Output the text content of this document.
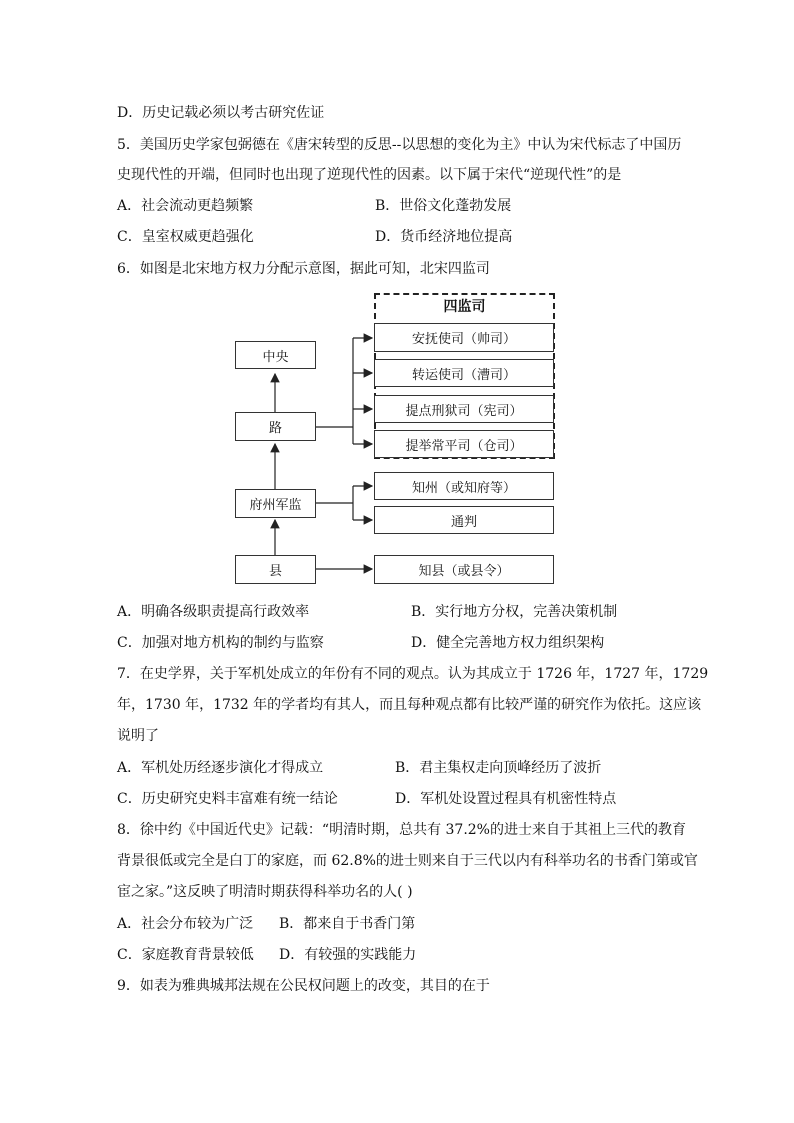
D．历史记载必须以考古研究佐证
5．美国历史学家包弼德在《唐宋转型的反思--以思想的变化为主》中认为宋代标志了中国历
史现代性的开端，但同时也出现了逆现代性的因素。以下属于宋代“逆现代性”的是
A．社会流动更趋频繁	B．世俗文化蓬勃发展
C．皇室权威更趋强化	D．货币经济地位提高
6．如图是北宋地方权力分配示意图，据此可知，北宋四监司
中央
路
府州军监
县
四监司
安抚使司（帅司）
转运使司（漕司）
提点刑狱司（宪司）
提举常平司（仓司）
知州（或知府等）
通判
知县（或县令）
A．明确各级职责提高行政效率	B．实行地方分权，完善决策机制
C．加强对地方机构的制约与监察	D．健全完善地方权力组织架构
7．在史学界，关于军机处成立的年份有不同的观点。认为其成立于 1726 年，1727 年，1729
年，1730 年，1732 年的学者均有其人，而且每种观点都有比较严谨的研究作为依托。这应该
说明了
A．军机处历经逐步演化才得成立	B．君主集权走向顶峰经历了波折
C．历史研究史料丰富难有统一结论	D．军机处设置过程具有机密性特点
8．徐中约《中国近代史》记载：“明清时期，总共有 37.2%的进士来自于其祖上三代的教育
背景很低或完全是白丁的家庭，而 62.8%的进士则来自于三代以内有科举功名的书香门第或官
宦之家。”这反映了明清时期获得科举功名的人( )
A．社会分布较为广泛 B．都来自于书香门第
C．家庭教育背景较低 D．有较强的实践能力
9．如表为雅典城邦法规在公民权问题上的改变，其目的在于
